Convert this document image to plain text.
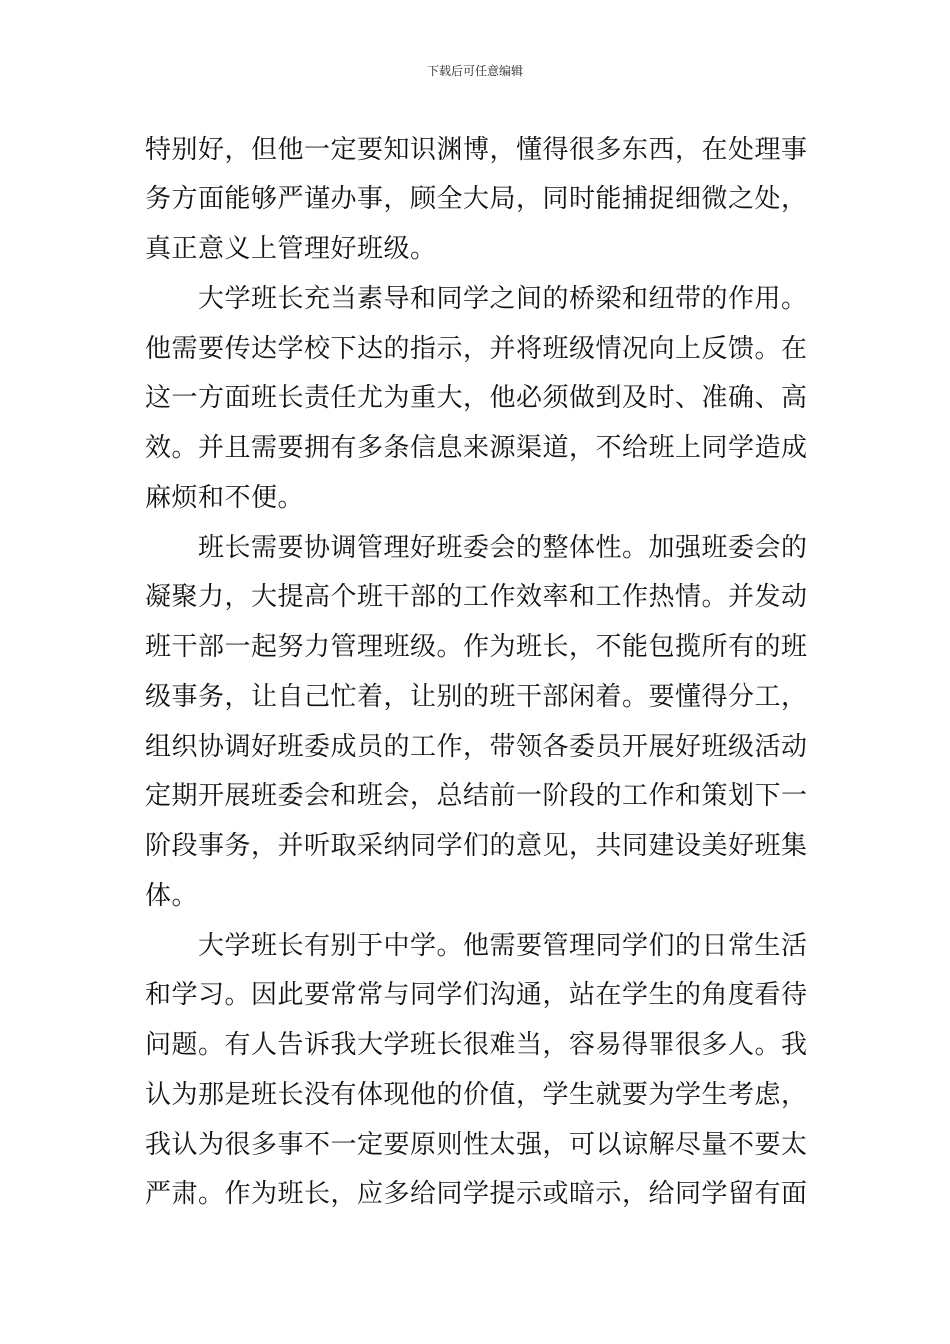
下载后可任意编辑
特别好，但他一定要知识渊博，懂得很多东西，在处理事
务方面能够严谨办事，顾全大局，同时能捕捉细微之处，
真正意义上管理好班级。
　　大学班长充当素导和同学之间的桥梁和纽带的作用。
他需要传达学校下达的指示，并将班级情况向上反馈。在
这一方面班长责任尤为重大，他必须做到及时、准确、高
效。并且需要拥有多条信息来源渠道，不给班上同学造成
麻烦和不便。
　　班长需要协调管理好班委会的整体性。加强班委会的
凝聚力，大提高个班干部的工作效率和工作热情。并发动
班干部一起努力管理班级。作为班长，不能包揽所有的班
级事务，让自己忙着，让别的班干部闲着。要懂得分工，
组织协调好班委成员的工作，带领各委员开展好班级活动
定期开展班委会和班会，总结前一阶段的工作和策划下一
阶段事务，并听取采纳同学们的意见，共同建设美好班集
体。
　　大学班长有别于中学。他需要管理同学们的日常生活
和学习。因此要常常与同学们沟通，站在学生的角度看待
问题。有人告诉我大学班长很难当，容易得罪很多人。我
认为那是班长没有体现他的价值，学生就要为学生考虑，
我认为很多事不一定要原则性太强，可以谅解尽量不要太
严肃。作为班长，应多给同学提示或暗示，给同学留有面
